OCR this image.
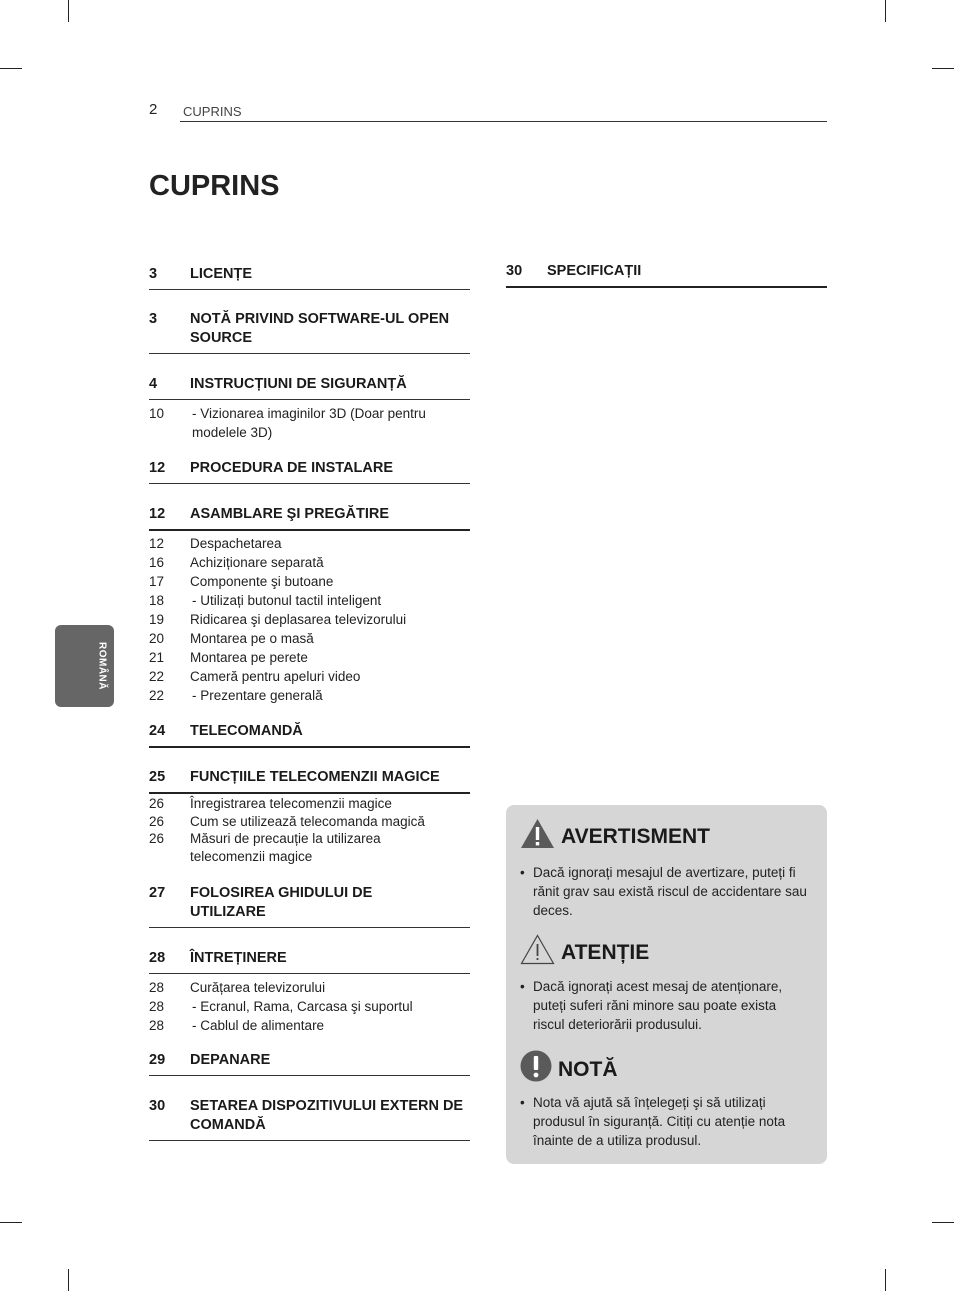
2 CUPRINS
CUPRINS
ROMÂNĂ
3	LICENȚE
3	NOTĂ PRIVIND SOFTWARE-UL OPEN SOURCE
4	INSTRUCȚIUNI DE SIGURANȚĂ
10	- Vizionarea imaginilor 3D (Doar pentru modelele 3D)
12	PROCEDURA DE INSTALARE
12	ASAMBLARE ŞI PREGĂTIRE
12	Despachetarea
16	Achiziționare separată
17	Componente şi butoane
18	- Utilizați butonul tactil inteligent
19	Ridicarea şi deplasarea televizorului
20	Montarea pe o masă
21	Montarea pe perete
22	Cameră pentru apeluri video
22	- Prezentare generală
24	TELECOMANDĂ
25	FUNCȚIILE TELECOMENZII MAGICE
26	Înregistrarea telecomenzii magice
26	Cum se utilizează telecomanda magică
26	Măsuri de precauție la utilizarea telecomenzii magice
27	FOLOSIREA GHIDULUI DE UTILIZARE
28	ÎNTREȚINERE
28	Curățarea televizorului
28	- Ecranul, Rama, Carcasa şi suportul
28	- Cablul de alimentare
29	DEPANARE
30	SETAREA DISPOZITIVULUI EXTERN DE COMANDĂ
30	SPECIFICAȚII
AVERTISMENT
• Dacă ignorați mesajul de avertizare, puteți fi rănit grav sau există riscul de accidentare sau deces.
ATENȚIE
• Dacă ignorați acest mesaj de atenționare, puteți suferi răni minore sau poate exista riscul deteriorării produsului.
NOTĂ
• Nota vă ajută să înțelegeți şi să utilizați produsul în siguranță. Citiți cu atenție nota înainte de a utiliza produsul.
